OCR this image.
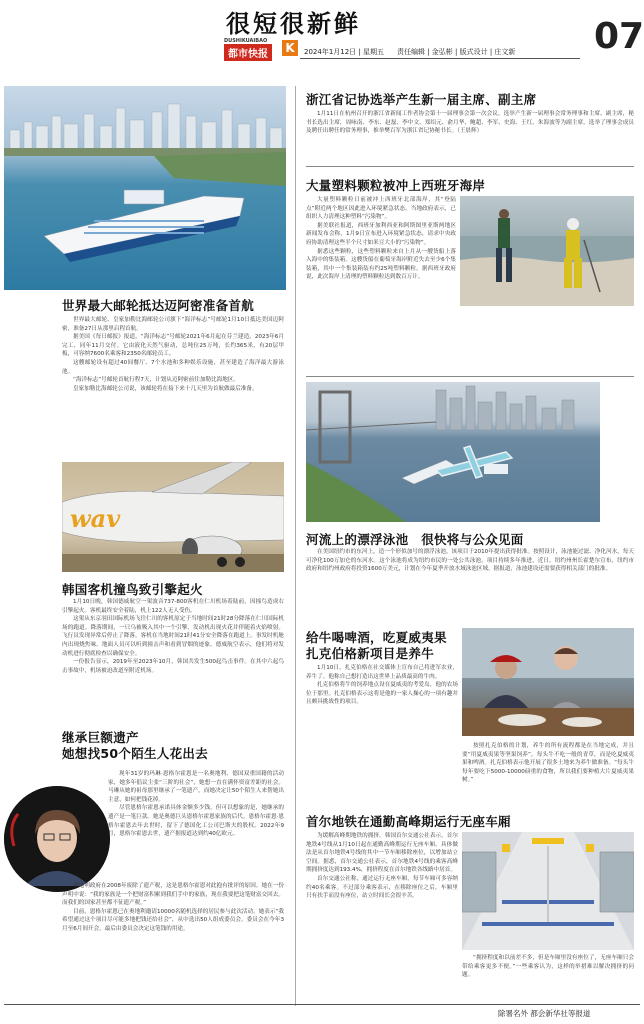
很短很新鲜
DUSHIKUAIBAO
都市快报	K	2024年1月12日 | 星期五 责任编辑 | 金弘彬 | 版式设计 | 庄文新 07
世界最大邮轮抵达迈阿密准备首航

世界最大邮轮、皇家加勒比海邮轮公司旗下“海洋标志”号邮轮1月10日抵达美国迈阿密，准备27日从那里启程首航。

据美国《每日邮报》报道，“海洋标志”号邮轮2021年6月起在芬兰建造，2023年6月完工，同年11月交付。它由液化天然气驱动，总吨位25万吨，长约365米，有20层甲板，可容纳7600名乘客和2350名邮轮员工。

这艘邮轮设有超过40间餐厅、7个水池和多种娱乐设施，甚至建造了海洋最大游泳池。

“海洋标志”号邮轮首航行程7天，计划从迈阿密前往加勒比海地区。

皇家加勒比海邮轮公司说，该邮轮将在接下来十几天里为首航做最后准备。

wav
韩国客机撞鸟致引擎起火

1月10日晚，韩国德威航空一架波音737-800客机在仁川机场着陆前，因撞鸟造成右引擎起火。客机最终安全着陆，机上122人无人受伤。

这架从东京羽田国际机场飞往仁川的客机原定于当地时间21时28分降落在仁川国际机场的跑道。降落期间，一只乌被吸入其中一个引擎，发动机出现火花并伴随着火焰喷射。飞行员发现异常后停止了降落。客机在当地时间21时41分安全降落在跑道上。事发时机舱内出现烧焦味，地面人员可以听到撞击声和看到冒烟的迹象。德威航空表示，他们将对发动机进行彻底检查以确保安全。

一份报告显示，2019年至2023年10月，韩国共发生500起鸟击事件。在其中六起鸟击事故中，机场被迫改道至附近机场。

继承巨额遗产
她想找50个陌生人花出去

现年31岁的玛琳·恩格尔霍恩是一名奥地利、德国双重国籍的活动家，她多年倡议主张“三阶的社会”，她想一直在满怀资富差距的社会。马琳从她的祖母那里继承了一笔遗产，而她决定让50个陌生人来帮她出主意，如何把钱花掉。

尽管恩格尔霍恩承诺具体金额多少钱，但可以想象的是，她继承的遗产是一笔巨款。她是奥德巨头恩格尔霍恩家族的后代。恩格尔霍恩·恩格尔霍恩去年去世时，留下了德国化工公司巴斯夫的股权。2022年9月，恩格尔霍恩去世，遗产据报道达到约40亿欧元。

奥地利政府在2008年废除了遗产税，这是恩格尔霍恩对此抱有批评的原因。她在一份声明中说：“我的家族是一个把财富积累到我们手中的家族，现在我要把这笔财富交回去。而我们的国家甚至都不征遗产税。”

目前，恩格尔霍恩已在奥地利邀请10000名随机选择的居民参与此次活动。她表示“我希望通过这个项目尽可能多地把钱还给社会”，从中选出50人组成委员会。委员会在今年3月至6月间开会，最后由委员会决定这笔钱的用途。

浙江省记协选举产生新一届主席、副主席

1月11日在杭州召开的浙江省新闻工作者协会第十一届理事会第一次会议，选举产生新一届理事会常务理事和主席、副主席，秘书长选出主席，周咏南、李东、赵磊、李中文、郑绍元、俞月华、鲍超、李军、史海、王红、朱海波等为副主席，选举了理事会成员及聘任出聘任的常务理事，推举樊百军为浙江省记协秘书长。（王晨辉）

大量塑料颗粒被冲上西班牙海岸

大量塑料颗粒日前被冲上西班牙北部海岸，其“登陆点”附近两个地区因此进入环境紧急状态。当地政府表示，已组织人力清理这种塑料“污染物”。

据美联社报道，西班牙加利西亚和阿斯图里亚斯两地区新闻发布会称，1月9日宣布进入环境紧急状态，请求中央政府协助清理这些半个尺寸如米豆大小的“污染物”。

据悉这些颗粒，这些塑料颗粒来自上月从一艘货船上落入海中的集装箱。这艘货船在葡萄牙海岸附近失去至少6个集装箱，其中一个集装箱装有约25吨塑料颗粒。据西班牙政府说，此次海岸上清理的塑料颗粒达到数百万计。

河流上的漂浮泳池　很快将与公众见面

在美国纽约市的东河上，造一个形似加号的漂浮泳池。该项目于2010年提出获得批准。按照设计，泳池能过滤、净化河水，每天可净化100万加仑的东河水。这个泳池将成为纽约市民的一处公共泳池。项目持续多年推进，近日，纽约州州长霍楚尔宣布，纽约市政府和纽约州政府将投资1600万美元，计划在今年夏季开放水域泳池区域。据报道，泳池建设还需要获得相关部门的批准。

给牛喝啤酒，吃夏威夷果
扎克伯格新项目是养牛

1月10日，扎克伯格在社交媒体上宣布自己将进军农业，养牛了。他称自己想打造出这世界上品质最高的牛肉。

扎克伯格将牛的饲养地点设在夏威夷的考爱岛，他的农场位于那里。扎克伯格表示这将是他的一家人操心的一项有趣并且颇具挑战性的项目。

按照扎克伯格的计划，养牛的所有流程都是在当地完成，并且要“用夏威夷果等坚果饲养”，每头牛不吃一般的青草，而是吃夏威夷果和啤酒。扎克伯格表示他开展了很多土地来为养牛做准备。“每头牛每年要吃下5000-10000磅重的食物，所以我们要种植大片夏威夷果树。”

首尔地铁在通勤高峰期运行无座车厢

为缓解高峰期地铁的拥挤，韩国首尔交通公社表示，首尔地铁4号线从1月10日起在通勤高峰期运行无座车厢。具体做法是从首尔地铁4号线的其中一节车厢移除座位，以增加站立空间。据悉，首尔交通公社表示，首尔地铁4号线的乘客高峰期拥挤度达到193.4%，拥挤程度在首尔地铁各线路中居首。

首尔交通公社称，通过运行无座车厢，每节车厢可多容纳约40名乘客。不过部分乘客表示，在移除座位之后，车厢里只有扶手而没有座位，站立时间长会很辛苦。

“拥挤程度和以前差不多，但是车厢里没有座位了，无座车厢只会带给乘客更多不便。”一些乘客认为，这样的举措难以解决拥挤的问题。

除署名外 都会新华社等报道
